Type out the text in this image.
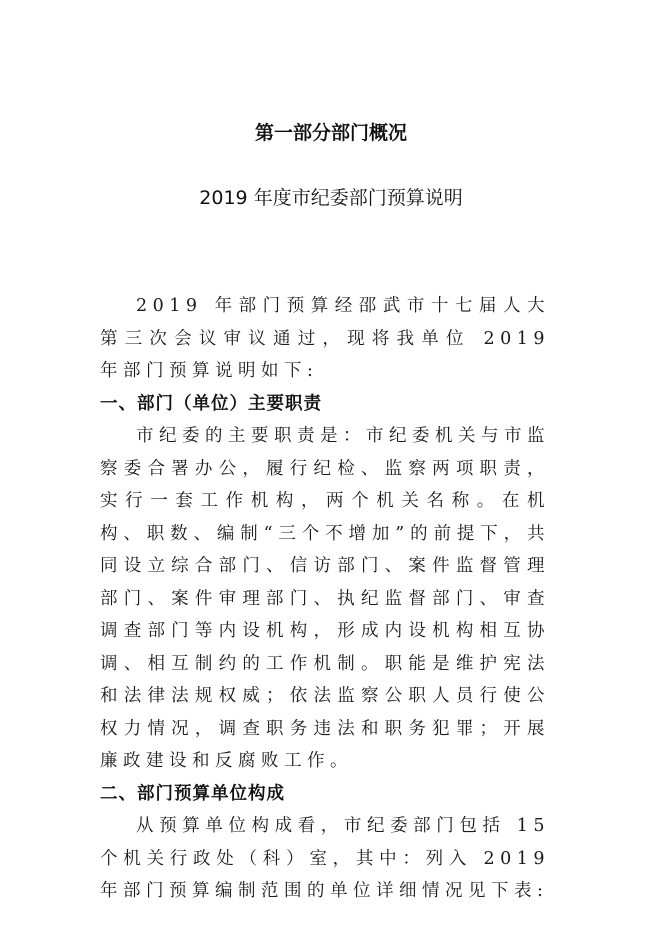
第一部分部门概况
2019 年度市纪委部门预算说明

2019 年部门预算经邵武市十七届人大第三次会议审议通过，现将我单位 2019 年部门预算说明如下:

一、部门（单位）主要职责

市纪委的主要职责是：市纪委机关与市监察委合署办公，履行纪检、监察两项职责，实行一套工作机构，两个机关名称。在机构、职数、编制“三个不增加”的前提下，共同设立综合部门、信访部门、案件监督管理部门、案件审理部门、执纪监督部门、审查调查部门等内设机构，形成内设机构相互协调、相互制约的工作机制。职能是维护宪法和法律法规权威；依法监察公职人员行使公权力情况，调查职务违法和职务犯罪；开展廉政建设和反腐败工作。

二、部门预算单位构成

从预算单位构成看，市纪委部门包括 15 个机关行政处（科）室，其中：列入 2019 年部门预算编制范围的单位详细情况见下表:
